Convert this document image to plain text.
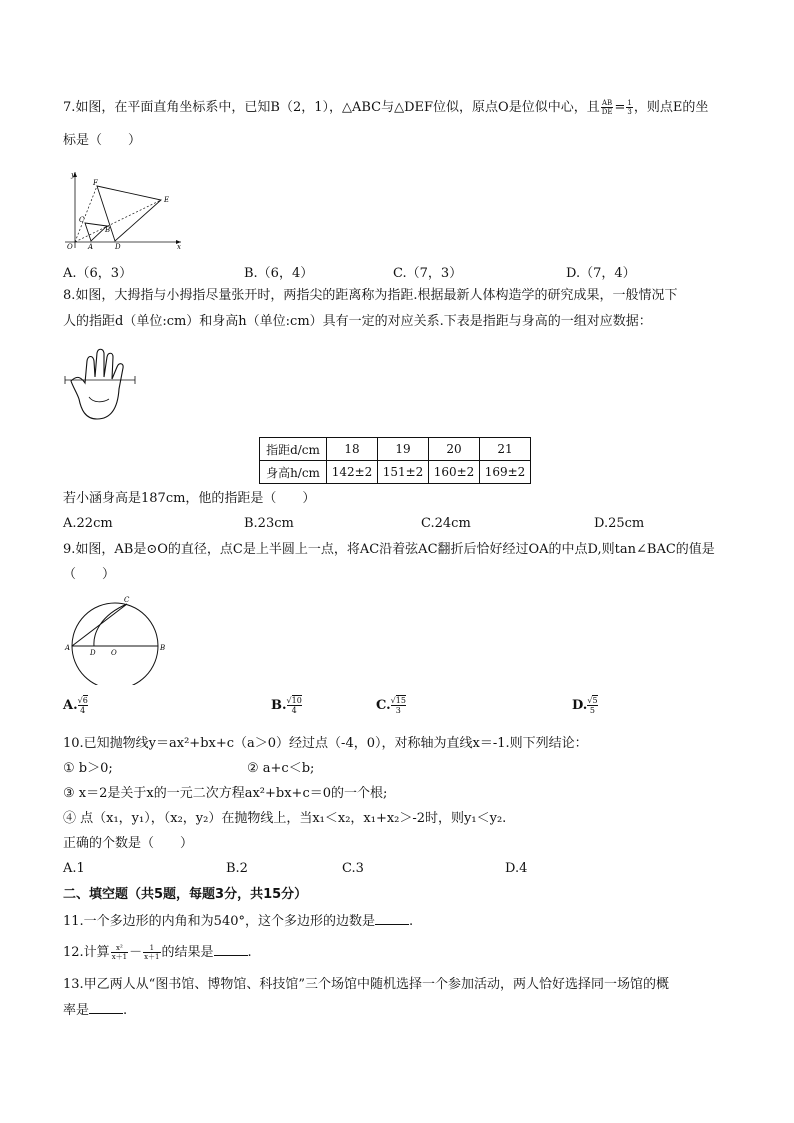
7.如图，在平面直角坐标系中，已知B（2，1），△ABC与△DEF位似，原点O是位似中心，且 $\frac{AB}{DE} = \frac{1}{3}$ ，则点E的坐
标是（　　）
y
F
E
C
B
O A	D	x
A.（6，3）	B.（6，4）	C.（7，3）	D.（7，4）
8.如图，大拇指与小拇指尽量张开时，两指尖的距离称为指距.根据最新人体构造学的研究成果，一般情况下
人的指距d（单位:cm）和身高h（单位:cm）具有一定的对应关系.下表是指距与身高的一组对应数据：
指距d/cm	18	19	20	21
身高h/cm	142±2	151±2	160±2	169±2
若小涵身高是187cm，他的指距是（　　）
A.22cm	B.23cm	C.24cm	D.25cm
9.如图，AB是⊙O的直径，点C是上半圆上一点，将AC沿着弦AC翻折后恰好经过OA的中点D,则tan∠BAC的值是
（　　）
C
A
D O
B
A. $\frac{√6}{4}$	B. $\frac{√10}{4}$	C. $\frac{√15}{3}$	D. $\frac{√5}{5}$
10.已知抛物线y＝ax²+bx+c（a＞0）经过点（-4，0），对称轴为直线x＝-1.则下列结论：
① b＞0;	② a+c＜b;
③ x＝2是关于x的一元二次方程ax²+bx+c＝0的一个根;
④ 点（x₁，y₁），（x₂，y₂）在抛物线上，当x₁＜x₂，x₁+x₂＞-2时，则y₁＜y₂.
正确的个数是（　　）
A.1	B.2	C.3	D.4
二、填空题（共5题，每题3分，共15分）
11.一个多边形的内角和为540°，这个多边形的边数是	.
12.计算 $\frac{\text{x²}}{x+1} - \frac{1}{x+1}$ 的结果是	.
13.甲乙两人从“图书馆、博物馆、科技馆”三个场馆中随机选择一个参加活动，两人恰好选择同一场馆的概
率是	.
